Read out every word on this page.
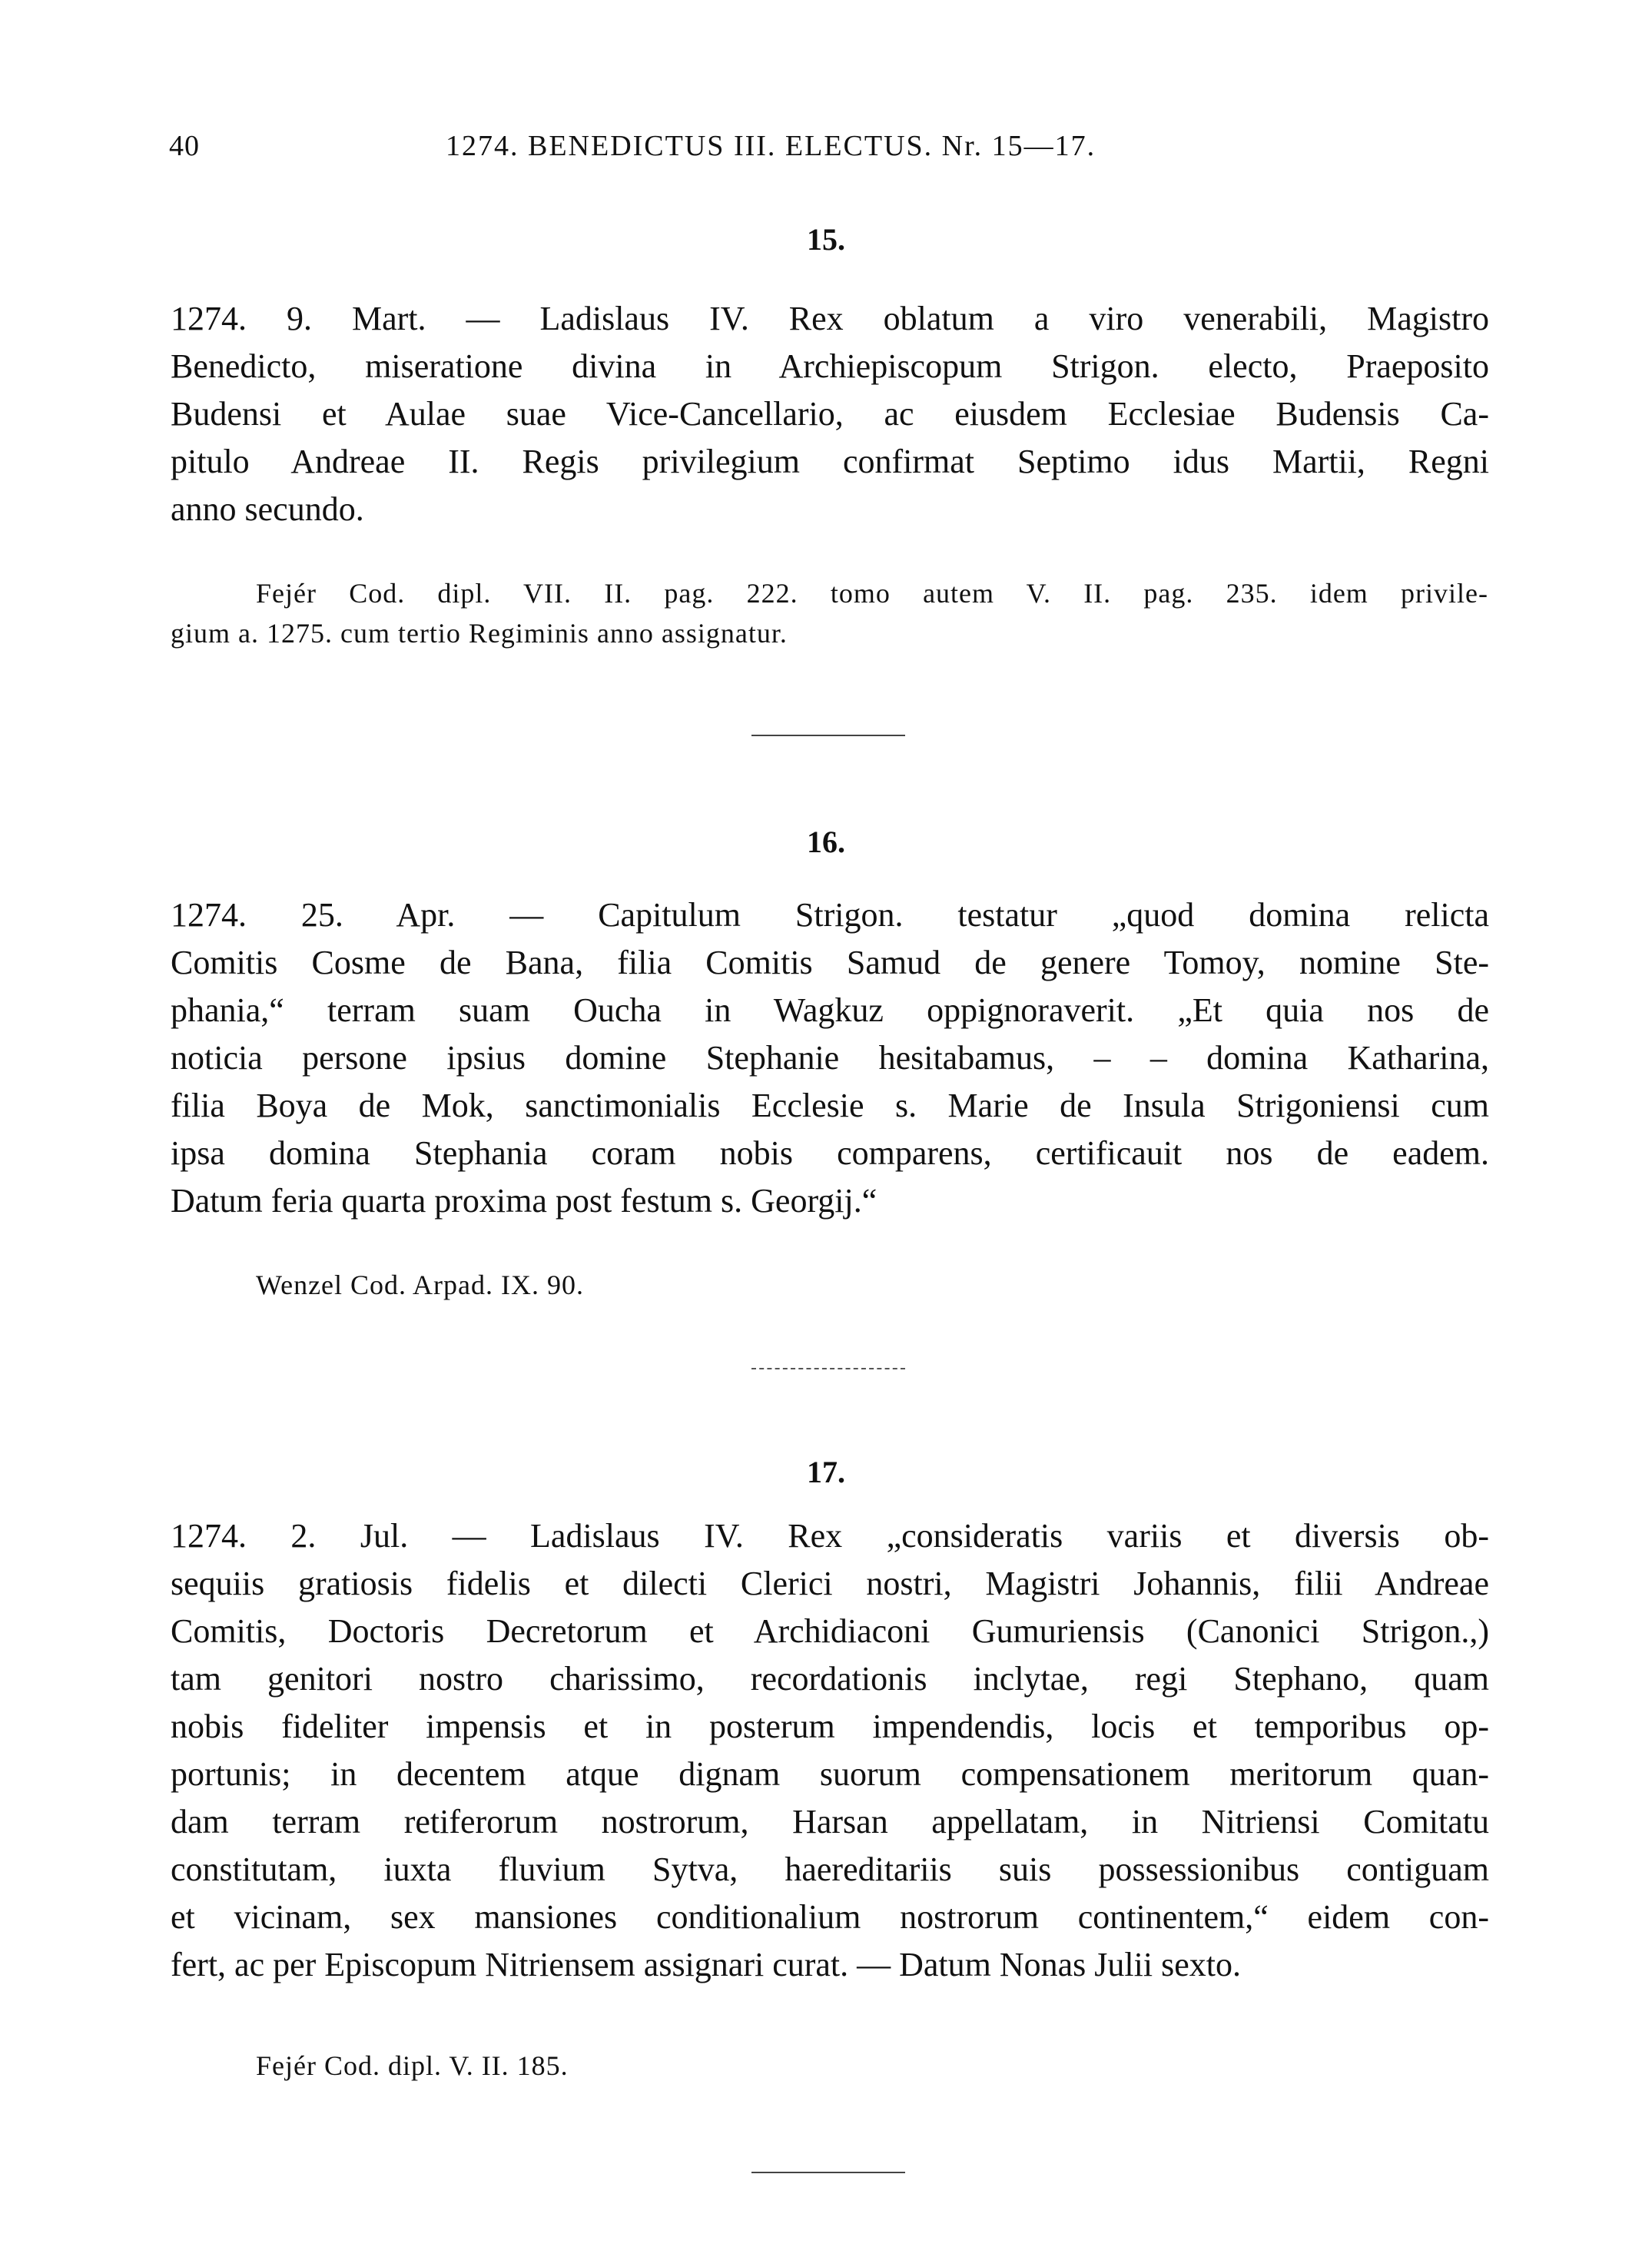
40	1274. BENEDICTUS III. ELECTUS. Nr. 15—17.
15.
1274. 9. Mart. — Ladislaus IV. Rex oblatum a viro venerabili, Magistro
Benedicto, miseratione divina in Archiepiscopum Strigon. electo, Praeposito
Budensi et Aulae suae Vice-Cancellario, ac eiusdem Ecclesiae Budensis Ca-
pitulo Andreae II. Regis privilegium confirmat Septimo idus Martii, Regni
anno secundo.
Fejér Cod. dipl. VII. II. pag. 222. tomo autem V. II. pag. 235. idem privile-
gium a. 1275. cum tertio Regiminis anno assignatur.
16.
1274. 25. Apr. — Capitulum Strigon. testatur „quod domina relicta
Comitis Cosme de Bana, filia Comitis Samud de genere Tomoy, nomine Ste-
phania,“ terram suam Oucha in Wagkuz oppignoraverit. „Et quia nos de
noticia persone ipsius domine Stephanie hesitabamus, – – domina Katharina,
filia Boya de Mok, sanctimonialis Ecclesie s. Marie de Insula Strigoniensi cum
ipsa domina Stephania coram nobis comparens, certificauit nos de eadem.
Datum feria quarta proxima post festum s. Georgij.“
Wenzel Cod. Arpad. IX. 90.
17.
1274. 2. Jul. — Ladislaus IV. Rex „consideratis variis et diversis ob-
sequiis gratiosis fidelis et dilecti Clerici nostri, Magistri Johannis, filii Andreae
Comitis, Doctoris Decretorum et Archidiaconi Gumuriensis (Canonici Strigon.,)
tam genitori nostro charissimo, recordationis inclytae, regi Stephano, quam
nobis fideliter impensis et in posterum impendendis, locis et temporibus op-
portunis; in decentem atque dignam suorum compensationem meritorum quan-
dam terram retiferorum nostrorum, Harsan appellatam, in Nitriensi Comitatu
constitutam, iuxta fluvium Sytva, haereditariis suis possessionibus contiguam
et vicinam, sex mansiones conditionalium nostrorum continentem,“ eidem con-
fert, ac per Episcopum Nitriensem assignari curat. — Datum Nonas Julii sexto.
Fejér Cod. dipl. V. II. 185.
